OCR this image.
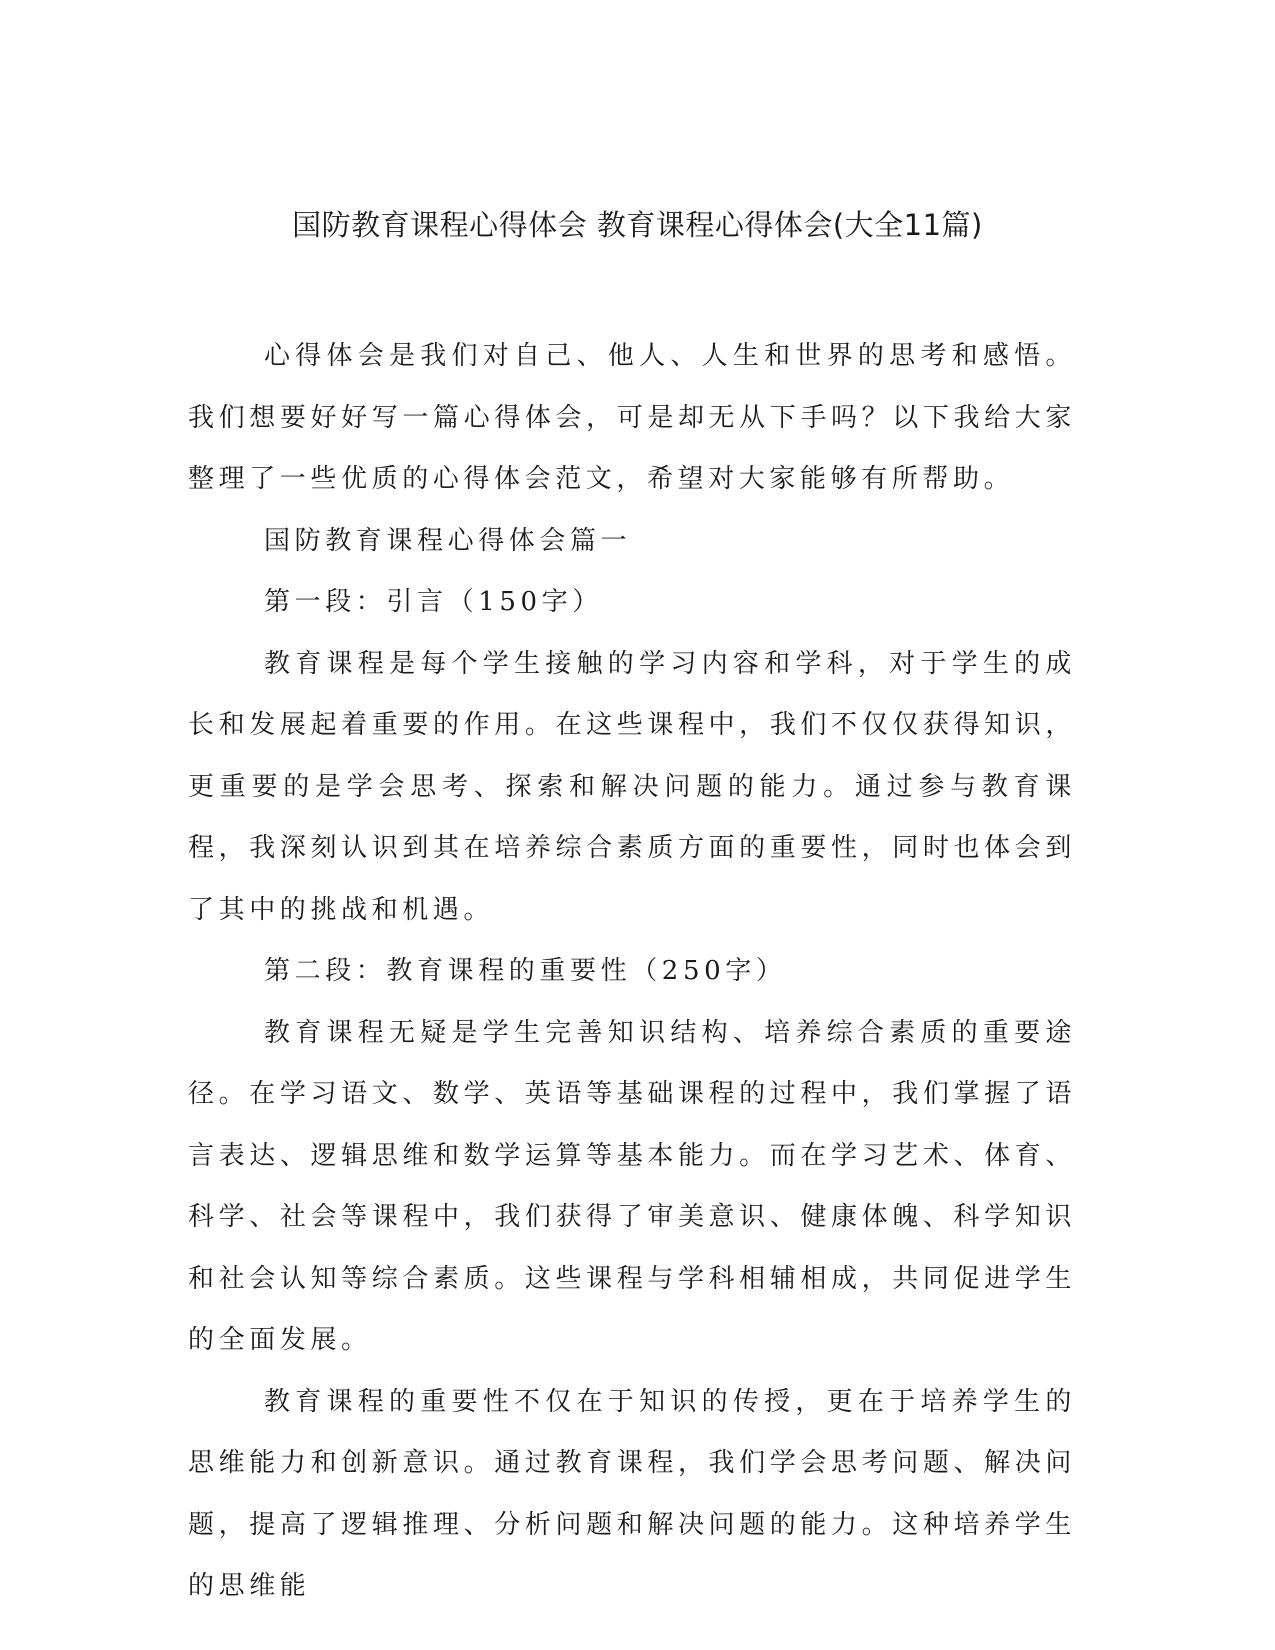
国防教育课程心得体会 教育课程心得体会(大全11篇)

心得体会是我们对自己、他人、人生和世界的思考和感悟。我们想要好好写一篇心得体会，可是却无从下手吗？以下我给大家整理了一些优质的心得体会范文，希望对大家能够有所帮助。

国防教育课程心得体会篇一

第一段：引言（150字）

教育课程是每个学生接触的学习内容和学科，对于学生的成长和发展起着重要的作用。在这些课程中，我们不仅仅获得知识，更重要的是学会思考、探索和解决问题的能力。通过参与教育课程，我深刻认识到其在培养综合素质方面的重要性，同时也体会到了其中的挑战和机遇。

第二段：教育课程的重要性（250字）

教育课程无疑是学生完善知识结构、培养综合素质的重要途径。在学习语文、数学、英语等基础课程的过程中，我们掌握了语言表达、逻辑思维和数学运算等基本能力。而在学习艺术、体育、科学、社会等课程中，我们获得了审美意识、健康体魄、科学知识和社会认知等综合素质。这些课程与学科相辅相成，共同促进学生的全面发展。

教育课程的重要性不仅在于知识的传授，更在于培养学生的思维能力和创新意识。通过教育课程，我们学会思考问题、解决问题，提高了逻辑推理、分析问题和解决问题的能力。这种培养学生的思维能
